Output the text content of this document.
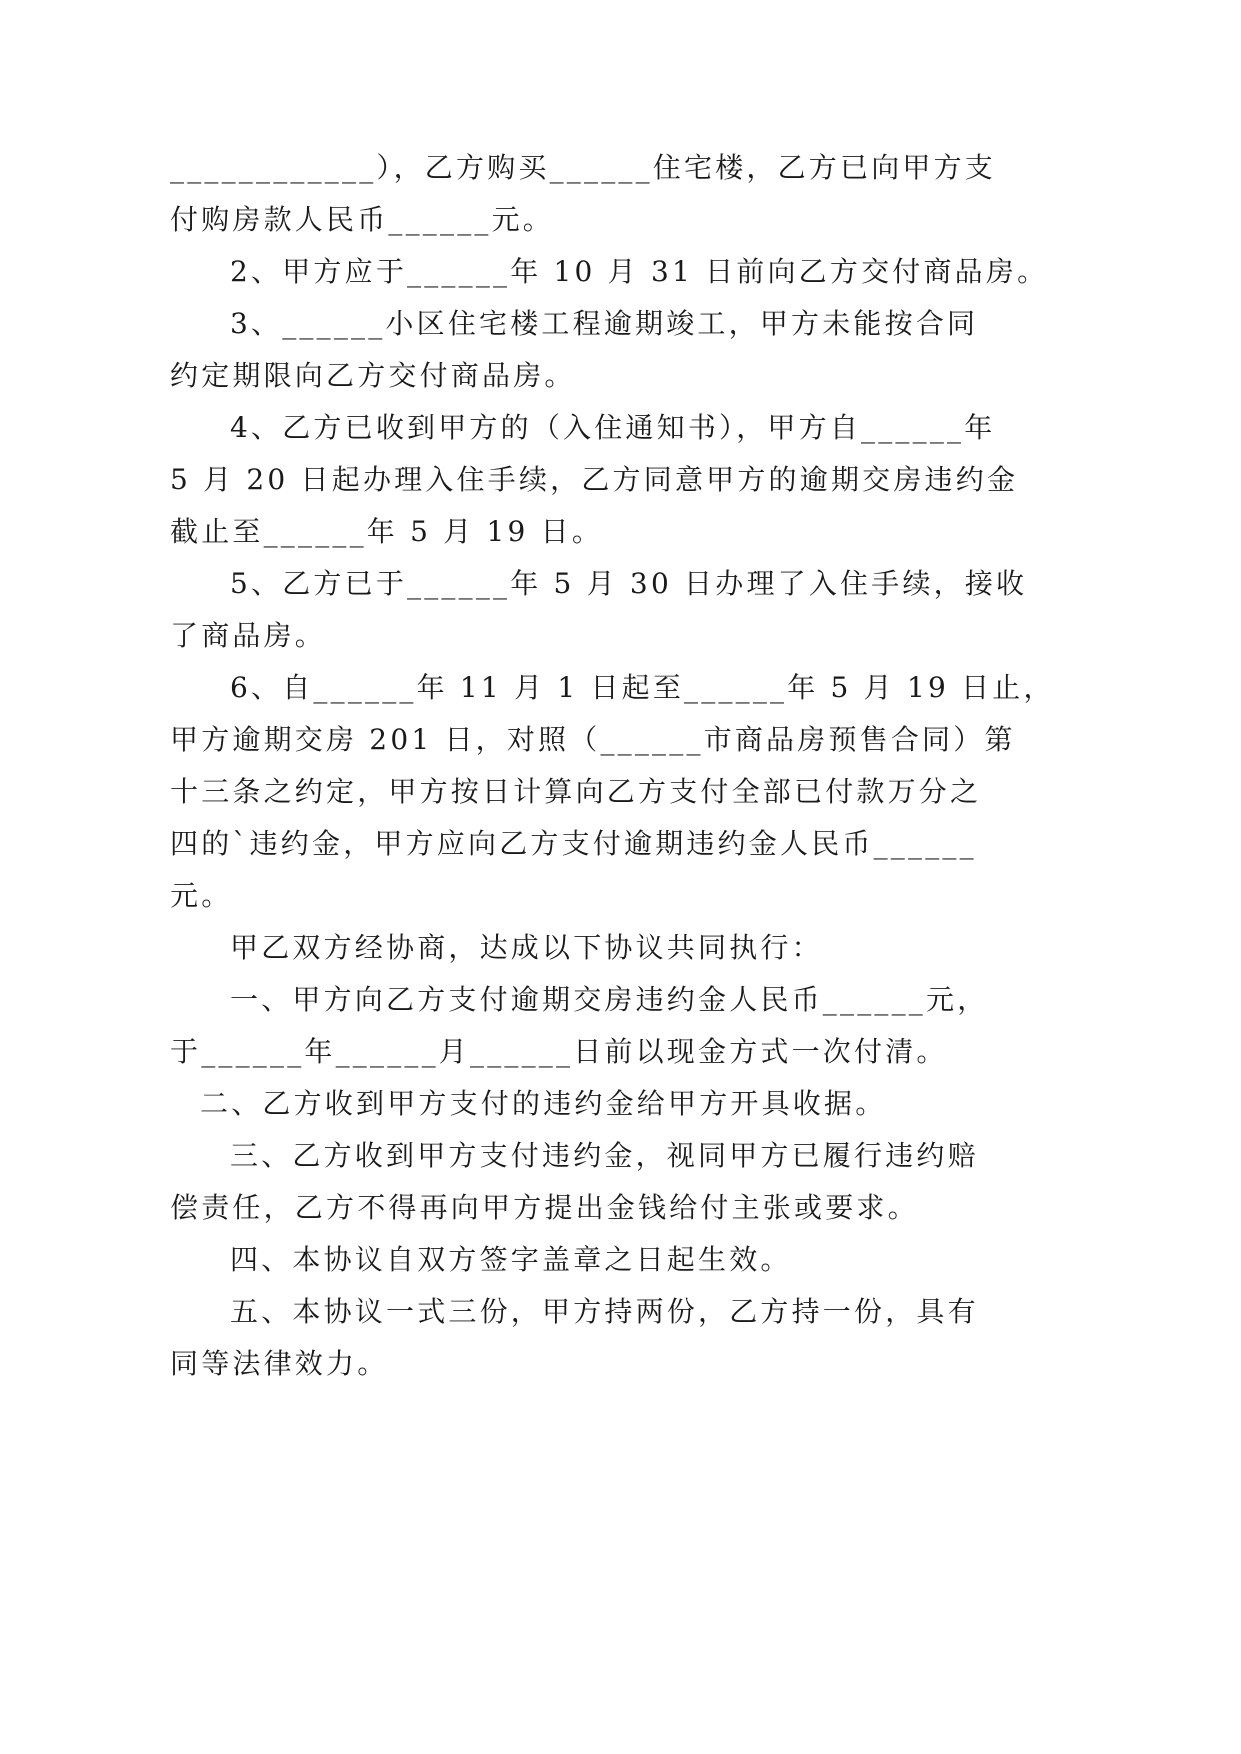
____________），乙方购买______住宅楼，乙方已向甲方支

付购房款人民币______元。

2、甲方应于______年 10 月 31 日前向乙方交付商品房。

3、______小区住宅楼工程逾期竣工，甲方未能按合同

约定期限向乙方交付商品房。

4、乙方已收到甲方的（入住通知书），甲方自______年

5 月 20 日起办理入住手续，乙方同意甲方的逾期交房违约金

截止至______年 5 月 19 日。

5、乙方已于______年 5 月 30 日办理了入住手续，接收

了商品房。

6、自______年 11 月 1 日起至______年 5 月 19 日止，

甲方逾期交房 201 日，对照（______市商品房预售合同）第

十三条之约定，甲方按日计算向乙方支付全部已付款万分之

四的`违约金，甲方应向乙方支付逾期违约金人民币______

元。

甲乙双方经协商，达成以下协议共同执行：

一、甲方向乙方支付逾期交房违约金人民币______元，

于______年______月______日前以现金方式一次付清。

二、乙方收到甲方支付的违约金给甲方开具收据。

三、乙方收到甲方支付违约金，视同甲方已履行违约赔

偿责任，乙方不得再向甲方提出金钱给付主张或要求。

四、本协议自双方签字盖章之日起生效。

五、本协议一式三份，甲方持两份，乙方持一份，具有

同等法律效力。
